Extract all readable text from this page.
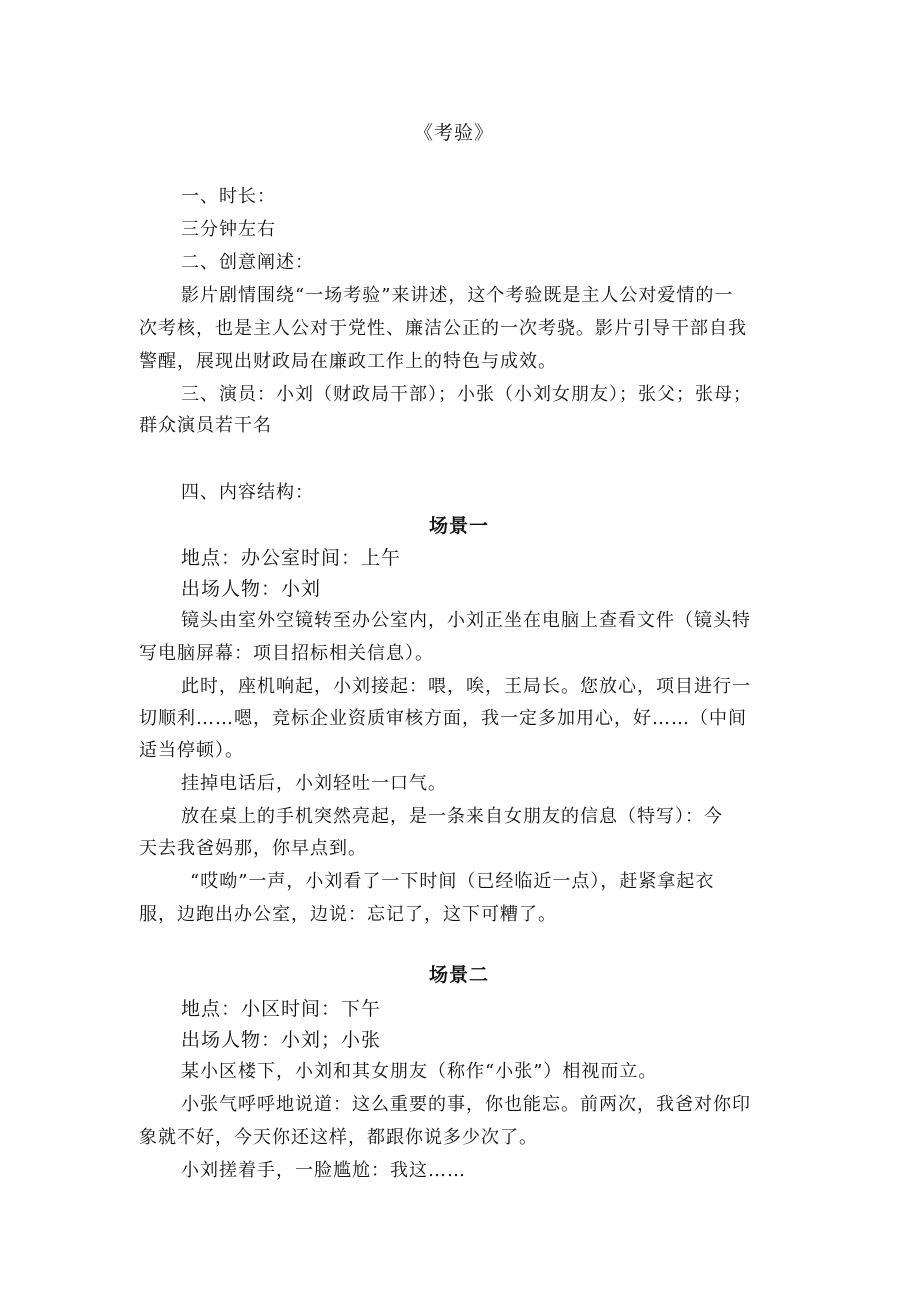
《考验》
一、时长：
三分钟左右
二、创意阐述：
影片剧情围绕“一场考验”来讲述，这个考验既是主人公对爱情的一
次考核，也是主人公对于党性、廉洁公正的一次考骁。影片引导干部自我
警醒，展现出财政局在廉政工作上的特色与成效。
三、演员：小刘（财政局干部）；小张（小刘女朋友）；张父；张母；
群众演员若干名
四、内容结构：
场景一
地点：办公室时间：上午
出场人物：小刘
镜头由室外空镜转至办公室内，小刘正坐在电脑上查看文件（镜头特
写电脑屏幕：项目招标相关信息）。
此时，座机响起，小刘接起：喂，唉，王局长。您放心，项目进行一
切顺利……嗯，竞标企业资质审核方面，我一定多加用心，好……（中间
适当停顿）。
挂掉电话后，小刘轻吐一口气。
放在桌上的手机突然亮起，是一条来自女朋友的信息（特写）：今
天去我爸妈那，你早点到。
“哎呦”一声，小刘看了一下时间（已经临近一点），赶紧拿起衣
服，边跑出办公室，边说：忘记了，这下可糟了。
场景二
地点：小区时间：下午
出场人物：小刘；小张
某小区楼下，小刘和其女朋友（称作“小张”）相视而立。
小张气呼呼地说道：这么重要的事，你也能忘。前两次，我爸对你印
象就不好，今天你还这样，都跟你说多少次了。
小刘搓着手，一脸尴尬：我这……
